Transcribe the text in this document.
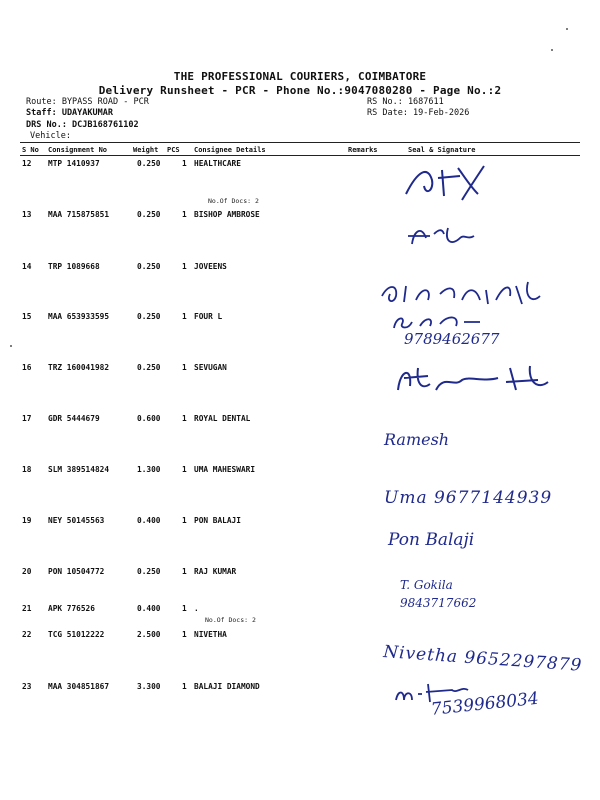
THE PROFESSIONAL COURIERS, COIMBATORE
Delivery Runsheet - PCR - Phone No.:9047080280 - Page No.:2
Route: BYPASS ROAD - PCR
Staff: UDAYAKUMAR
DRS No.: DCJB168761102
Vehicle:
RS No.: 1687611
RS Date: 19-Feb-2026
S No Consignment No	Weight PCS Consignee Details	Remarks	Seal & Signature
12 MTP 1410937	0.250	1 HEALTHCARE
No.Of Docs: 2
13 MAA 715875851	0.250	1 BISHOP AMBROSE
14 TRP 1089668	0.250	1 JOVEENS
15 MAA 653933595	0.250	1 FOUR L
16 TRZ 160041982	0.250	1 SEVUGAN
17 GDR 5444679	0.600	1 ROYAL DENTAL
18 SLM 389514824	1.300	1 UMA MAHESWARI
19 NEY 50145563	0.400	1 PON BALAJI
20 PON 10504772	0.250	1 RAJ KUMAR
21 APK 776526	0.400	1 .
No.Of Docs: 2
22 TCG 51012222	2.500	1 NIVETHA
23 MAA 304851867	3.300	1 BALAJI DIAMOND
9789462677
Ramesh
Uma 9677144939
Pon Balaji
T. Gokila 9843717662
Nivetha 9652297879
7539968034
